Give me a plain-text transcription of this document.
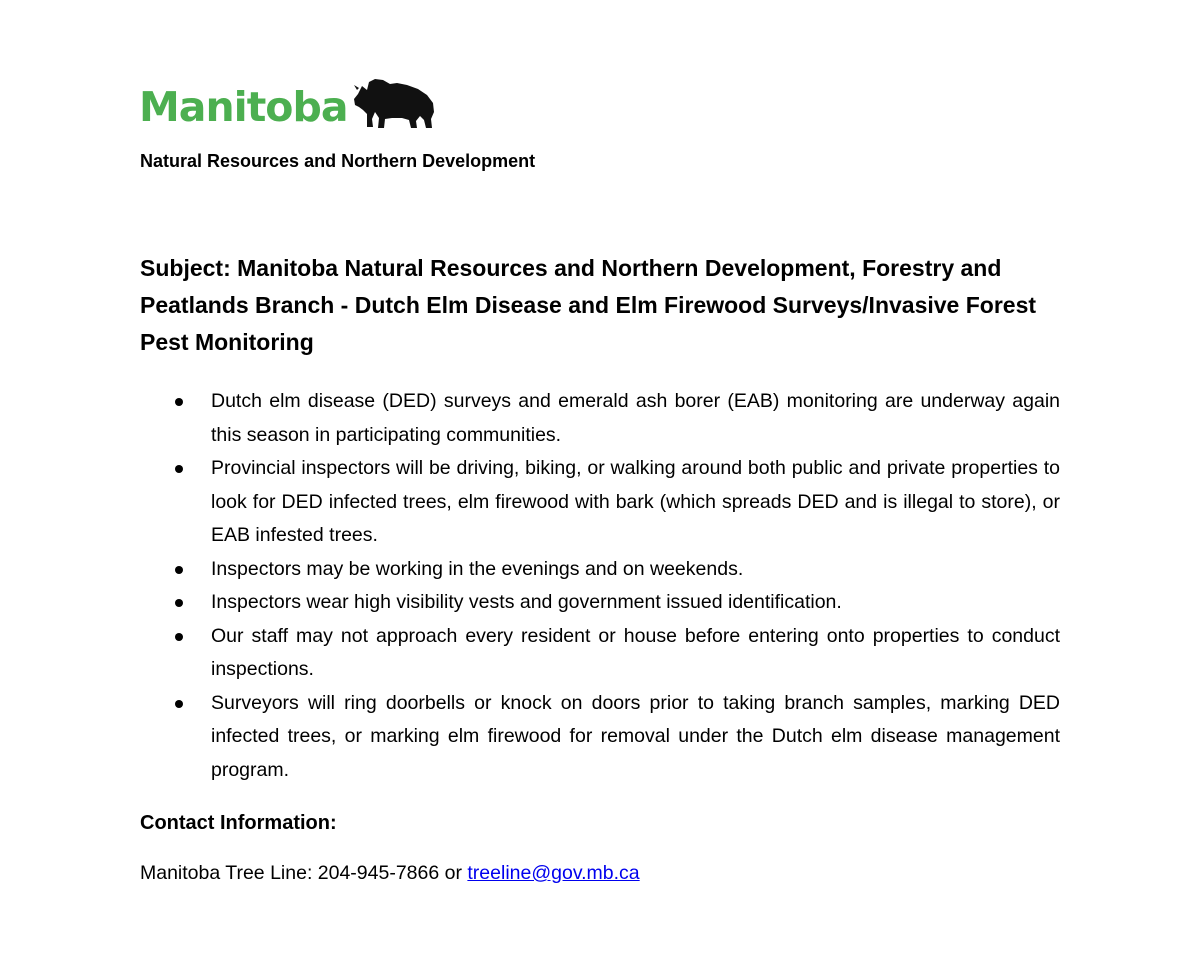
Manitoba
Natural Resources and Northern Development
Subject: Manitoba Natural Resources and Northern Development, Forestry and Peatlands Branch - Dutch Elm Disease and Elm Firewood Surveys/Invasive Forest Pest Monitoring
Dutch elm disease (DED) surveys and emerald ash borer (EAB) monitoring are underway again this season in participating communities.
Provincial inspectors will be driving, biking, or walking around both public and private properties to look for DED infected trees, elm firewood with bark (which spreads DED and is illegal to store), or EAB infested trees.
Inspectors may be working in the evenings and on weekends.
Inspectors wear high visibility vests and government issued identification.
Our staff may not approach every resident or house before entering onto properties to conduct inspections.
Surveyors will ring doorbells or knock on doors prior to taking branch samples, marking DED infected trees, or marking elm firewood for removal under the Dutch elm disease management program.
Contact Information:
Manitoba Tree Line: 204-945-7866 or treeline@gov.mb.ca
